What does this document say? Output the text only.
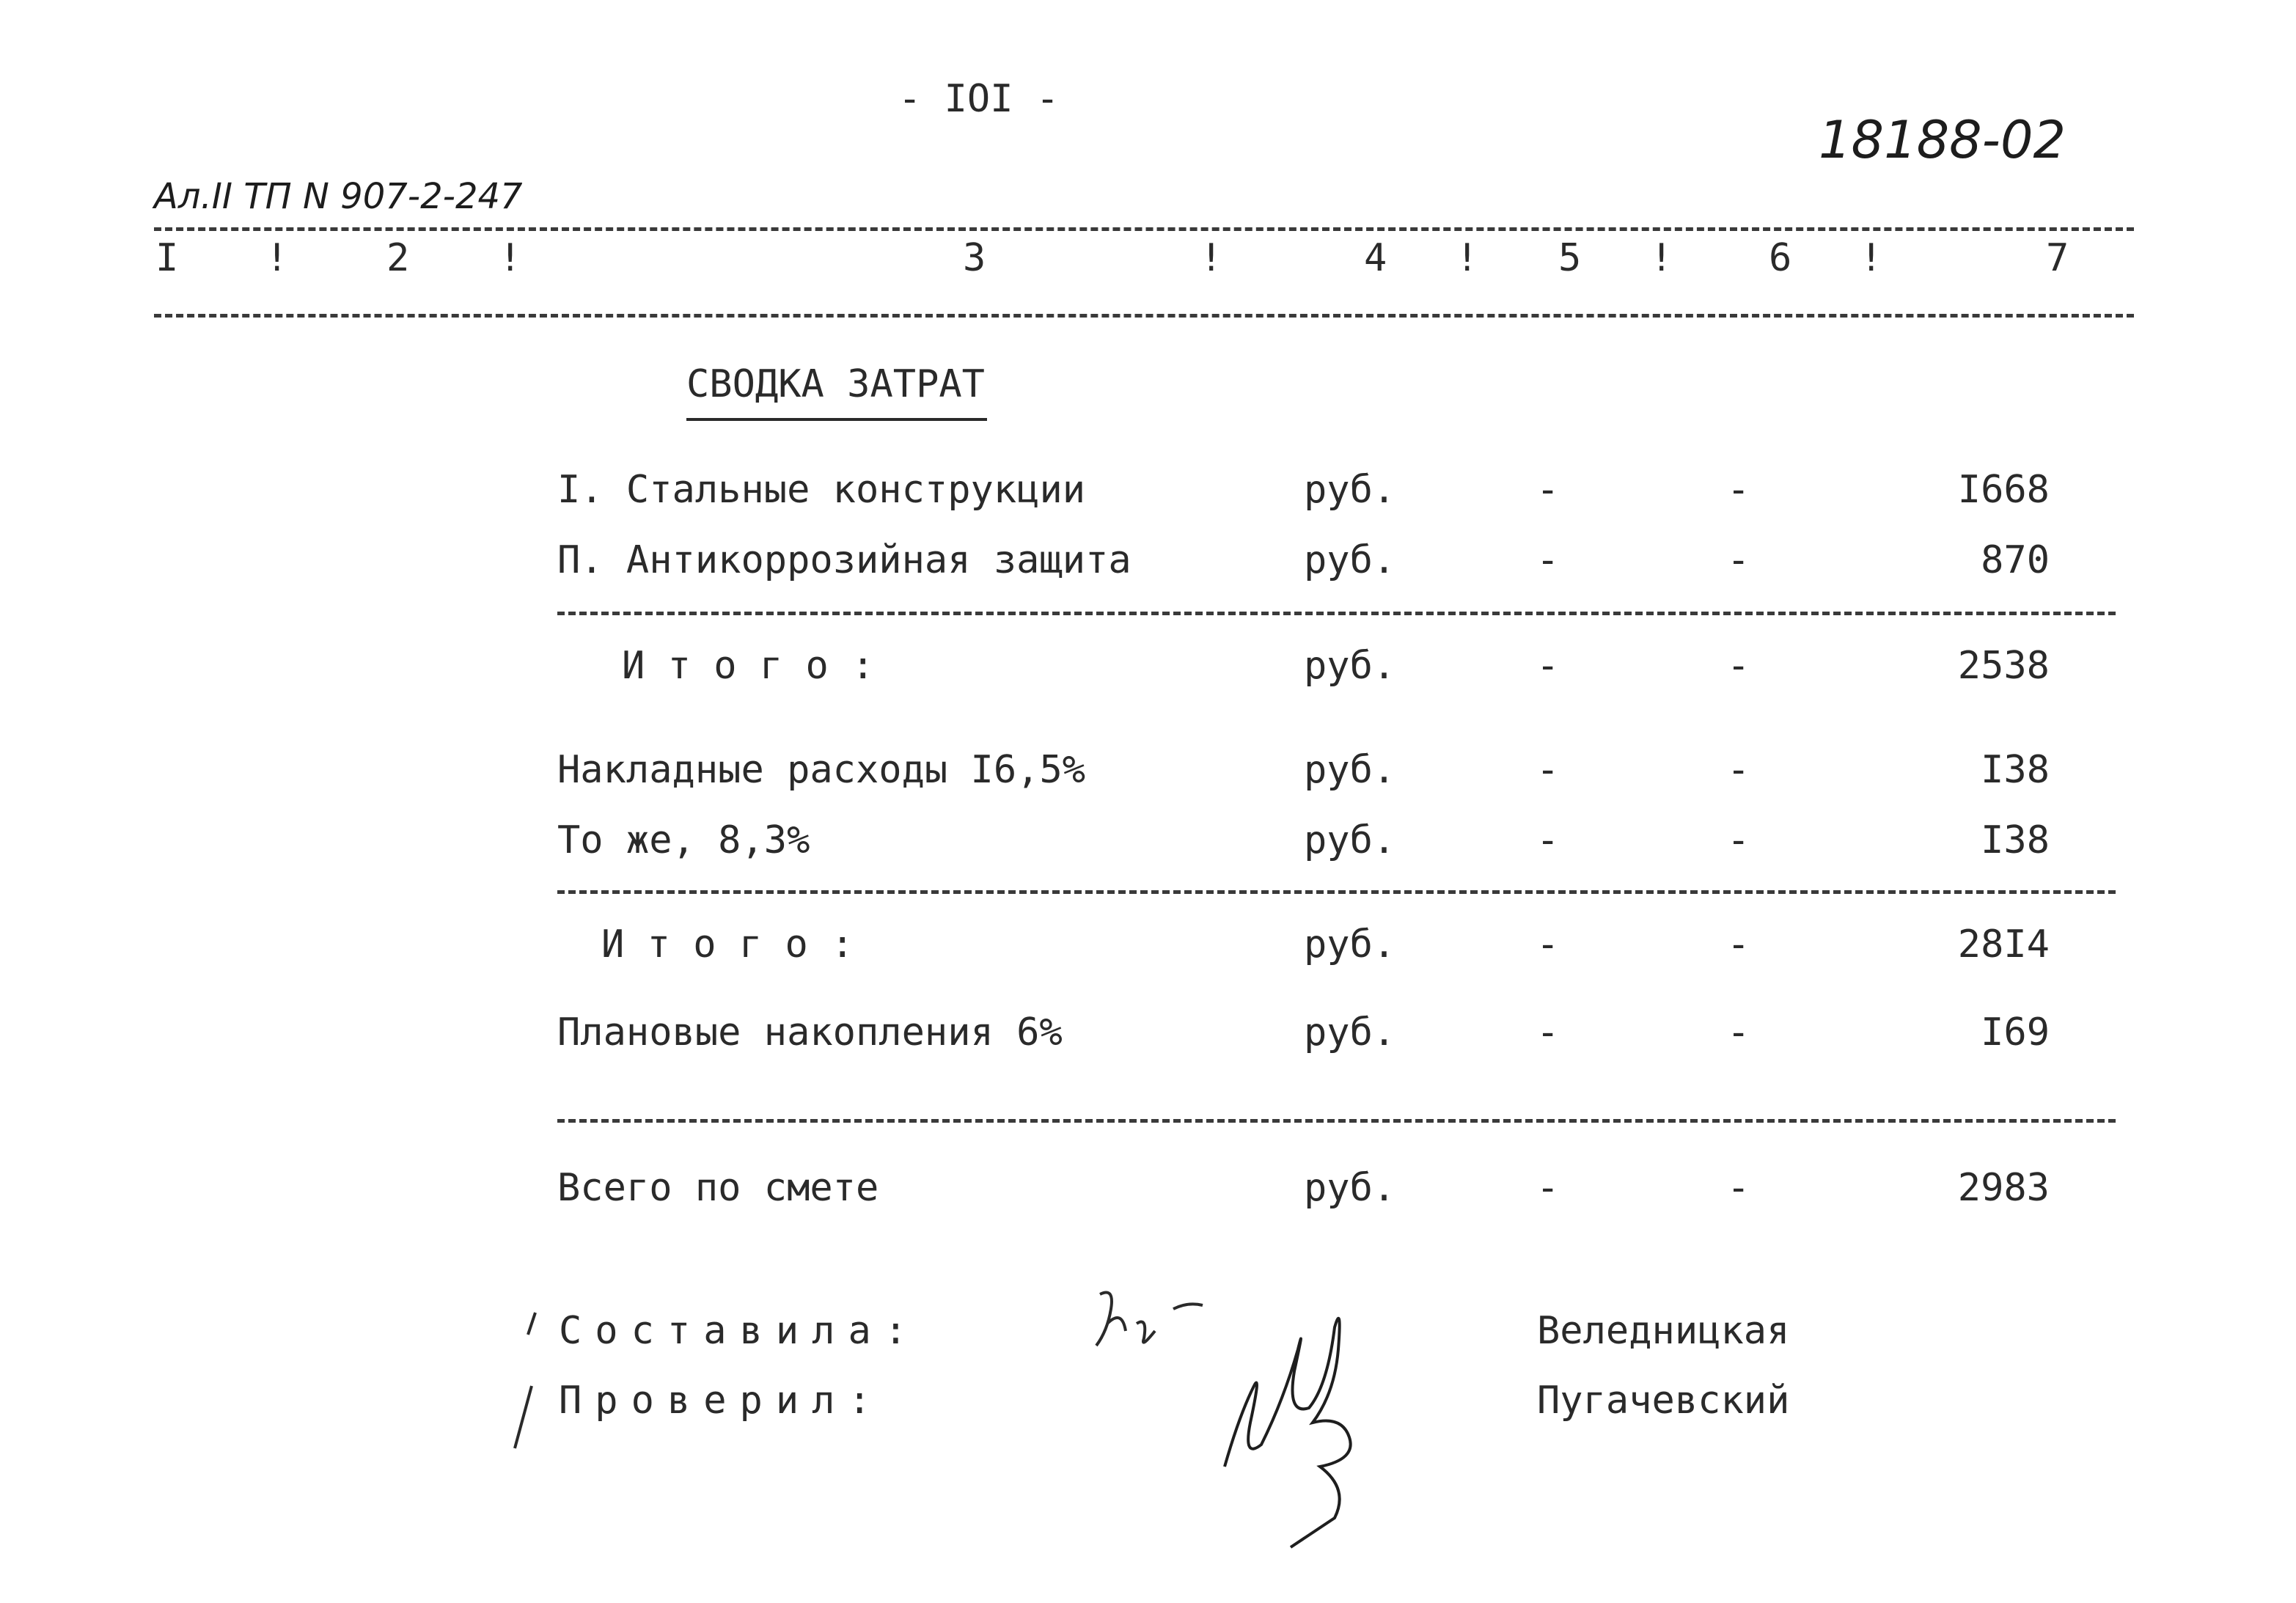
- IOI -
18188-02
Ал.II ТП N 907-2-247
I !	2 !	3	!	4 ! 5 !	6 !	7
СВОДКА ЗАТРАТ
I. Стальные конструкции	руб.	-	-	I668
П. Антикоррозийная защита	руб.	-	-	870
И т о г о :	руб.	-	-	2538
Накладные расходы I6,5%	руб.	-	-	I38
То же, 8,3%	руб.	-	-	I38
И т о г о :	руб.	-	-	28I4
Плановые накопления 6%	руб.	-	-	I69
Всего по смете	руб.	-	-	2983
Составила:
Проверил:
Веледницкая
Пугачевский
